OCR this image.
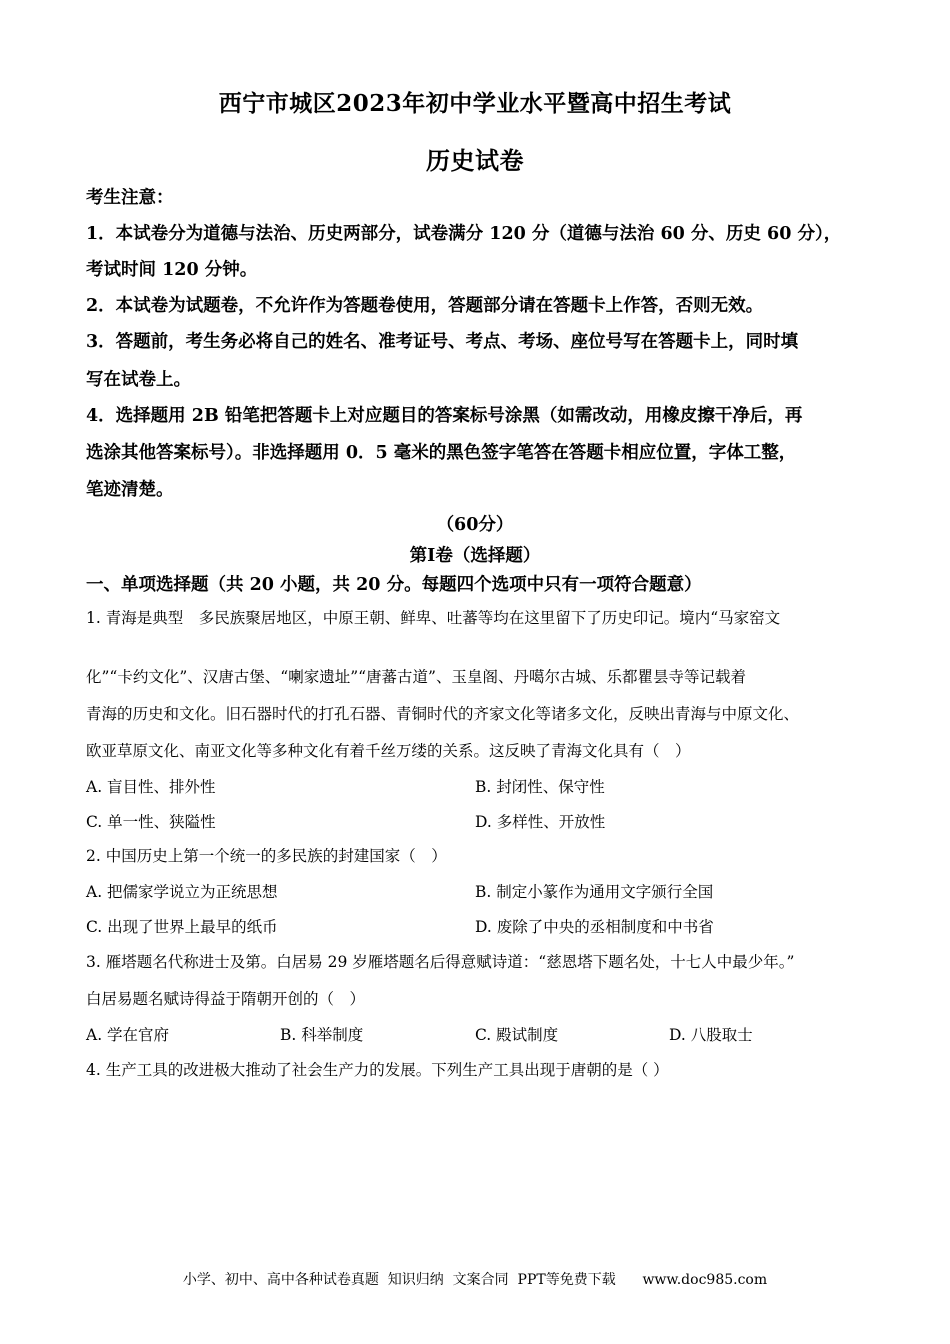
西宁市城区2023年初中学业水平暨高中招生考试
历史试卷
考生注意：
1．本试卷分为道德与法治、历史两部分，试卷满分 120 分（道德与法治 60 分、历史 60 分），
考试时间 120 分钟。
2．本试卷为试题卷，不允许作为答题卷使用，答题部分请在答题卡上作答，否则无效。
3．答题前，考生务必将自己的姓名、准考证号、考点、考场、座位号写在答题卡上，同时填
写在试卷上。
4．选择题用 2B 铅笔把答题卡上对应题目的答案标号涂黑（如需改动，用橡皮擦干净后，再
选涂其他答案标号）。非选择题用 0．5 毫米的黑色签字笔答在答题卡相应位置，字体工整，
笔迹清楚。
（60分）
第Ⅰ卷（选择题）
一、单项选择题（共 20 小题，共 20 分。每题四个选项中只有一项符合题意）
1. 青海是典型　多民族聚居地区，中原王朝、鲜卑、吐蕃等均在这里留下了历史印记。境内“马家窑文
化”“卡约文化”、汉唐古堡、“喇家遗址”“唐蕃古道”、玉皇阁、丹噶尔古城、乐都瞿昙寺等记载着
青海的历史和文化。旧石器时代的打孔石器、青铜时代的齐家文化等诸多文化，反映出青海与中原文化、
欧亚草原文化、南亚文化等多种文化有着千丝万缕的关系。这反映了青海文化具有（　）
A. 盲目性、排外性	B. 封闭性、保守性
C. 单一性、狭隘性	D. 多样性、开放性
2. 中国历史上第一个统一的多民族的封建国家（　）
A. 把儒家学说立为正统思想	B. 制定小篆作为通用文字颁行全国
C. 出现了世界上最早的纸币	D. 废除了中央的丞相制度和中书省
3. 雁塔题名代称进士及第。白居易 29 岁雁塔题名后得意赋诗道：“慈恩塔下题名处，十七人中最少年。”
白居易题名赋诗得益于隋朝开创的（　）
A. 学在官府	B. 科举制度	C. 殿试制度	D. 八股取士
4. 生产工具的改进极大推动了社会生产力的发展。下列生产工具出现于唐朝的是（ ）
小学、初中、高中各种试卷真题  知识归纳  文案合同  PPT等免费下载      www.doc985.com
